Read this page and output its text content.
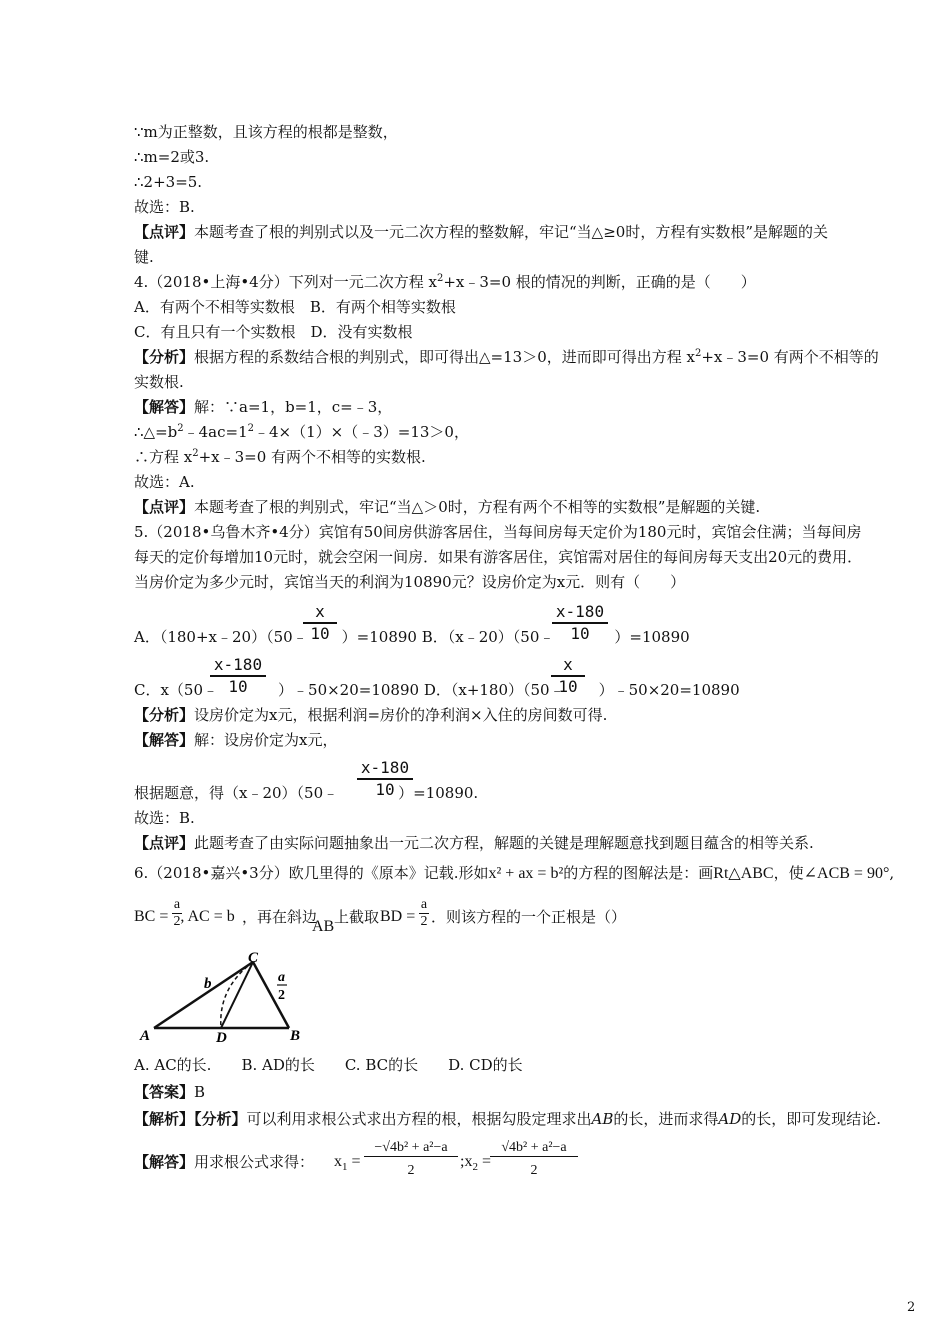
∵m为正整数，且该方程的根都是整数，
∴m=2或3.
∴2+3=5.
故选：B.
【点评】本题考查了根的判别式以及一元二次方程的整数解，牢记“当△≥0时，方程有实数根”是解题的关
键.
4.（2018•上海•4分）下列对一元二次方程 $x^2+x﹣3=0$ 根的情况的判断，正确的是（　　）
A．有两个不相等实数根　B．有两个相等实数根
C．有且只有一个实数根　D．没有实数根
【分析】根据方程的系数结合根的判别式，即可得出△=13＞0，进而即可得出方程 $x^2+x﹣3=0$ 有两个不相等的
实数根.
【解答】解：∵a=1，b=1，c=﹣3，
$\therefore\triangle=b^2﹣4ac=1^2﹣4\times(1)\times(﹣3)=13>0$，
∴方程 $x^2+x﹣3=0$ 有两个不相等的实数根.
故选：A.
【点评】本题考查了根的判别式，牢记“当△＞0时，方程有两个不相等的实数根”是解题的关键.
5.（2018•乌鲁木齐•4分）宾馆有50间房供游客居住，当每间房每天定价为180元时，宾馆会住满；当每间房
每天的定价每增加10元时，就会空闲一间房．如果有游客居住，宾馆需对居住的每间房每天支出20元的费用．
当房价定为多少元时，宾馆当天的利润为10890元？设房价定为x元．则有（　　）
A．（180+x﹣20）（50﹣ ）=10890 B．（x﹣20）（50﹣	）=10890
$\frac{x}{10}$	$\frac{x-180}{10}$
C．x（50﹣	）﹣50×20=10890 D．（x+180）（50﹣ ）﹣50×20=10890
$\frac{x-180}{10}$	$\frac{x}{10}$
【分析】设房价定为x元，根据利润=房价的净利润×入住的房间数可得.
【解答】解：设房价定为x元，
根据题意，得（x﹣20）（50﹣	）=10890.
$\frac{x-180}{10}$
故选：B.
【点评】此题考查了由实际问题抽象出一元二次方程，解题的关键是理解题意找到题目蕴含的相等关系.
6.（2018•嘉兴•3分）欧几里得的《原本》记载.形如x² + ax = b²的方程的图解法是：画Rt△ABC，使∠ACB = 90°,
BC = , AC = b
$\frac{a}{2}$	，再在斜边
AB
上截取 BD = $\frac{a}{2}$ ．则该方程的一个正根是（）
A	B
C
D
b	a
2
A. AC的长.　　B. AD的长　　C. BC的长　　D. CD的长
【答案】B
【解析】【分析】可以利用求根公式求出方程的根，根据勾股定理求出AB的长，进而求得AD的长，即可发现结论.
【解答】用求根公式求得： $x_1 = \frac{\text{−√4b² + a²−a}}{2}$ $;x_2 = \frac{\text{√4b² + a²−a}}{2}$
2
